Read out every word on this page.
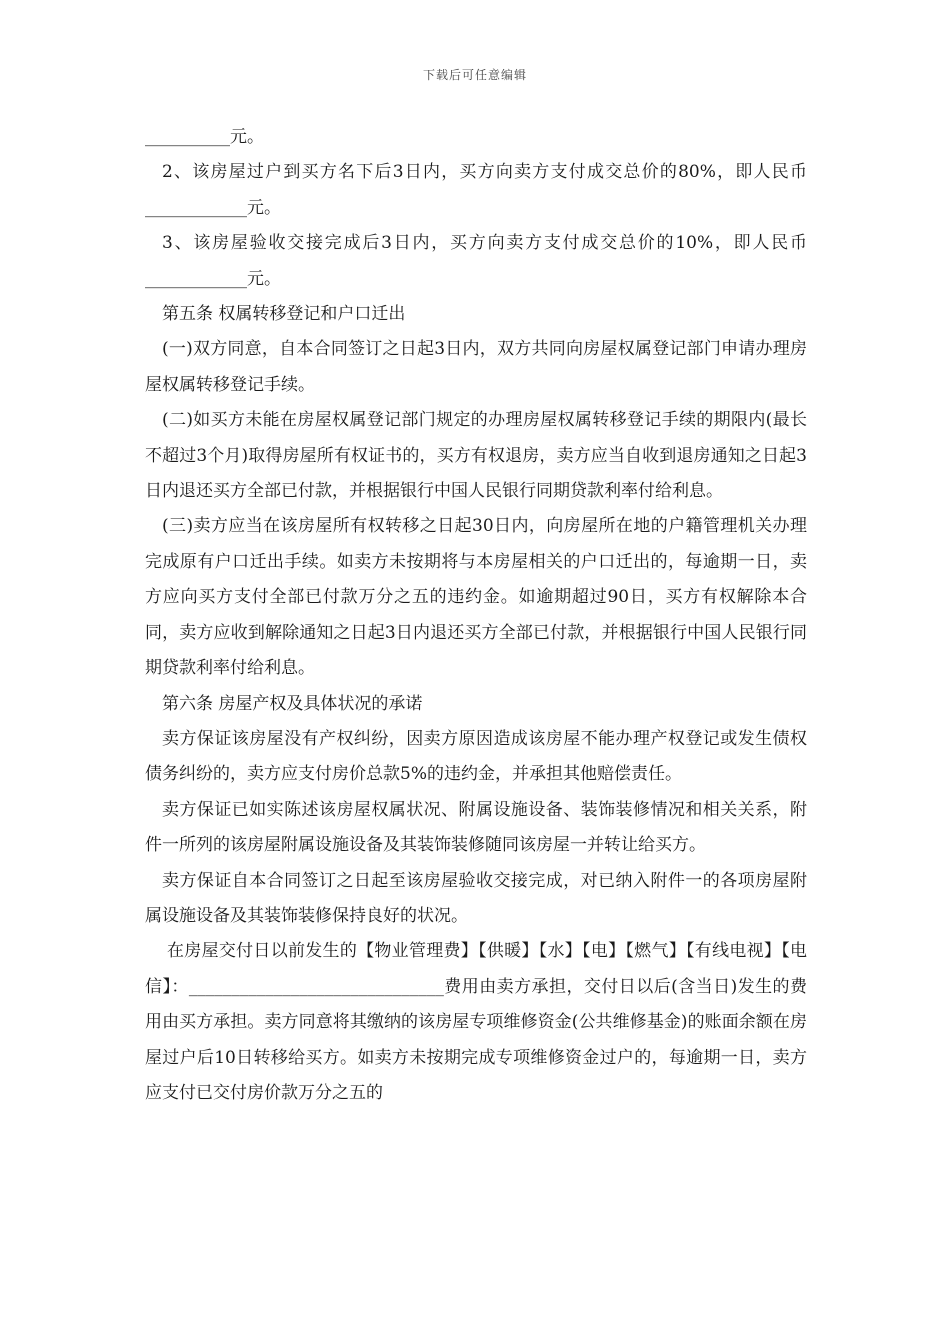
下载后可任意编辑

__________元。

2、该房屋过户到买方名下后3日内，买方向卖方支付成交总价的80%，即人民币____________元。

3、该房屋验收交接完成后3日内，买方向卖方支付成交总价的10%，即人民币____________元。

第五条 权属转移登记和户口迁出

(一)双方同意，自本合同签订之日起3日内，双方共同向房屋权属登记部门申请办理房屋权属转移登记手续。

(二)如买方未能在房屋权属登记部门规定的办理房屋权属转移登记手续的期限内(最长不超过3个月)取得房屋所有权证书的，买方有权退房，卖方应当自收到退房通知之日起3日内退还买方全部已付款，并根据银行中国人民银行同期贷款利率付给利息。

(三)卖方应当在该房屋所有权转移之日起30日内，向房屋所在地的户籍管理机关办理完成原有户口迁出手续。如卖方未按期将与本房屋相关的户口迁出的，每逾期一日，卖方应向买方支付全部已付款万分之五的违约金。如逾期超过90日，买方有权解除本合同，卖方应收到解除通知之日起3日内退还买方全部已付款，并根据银行中国人民银行同期贷款利率付给利息。

第六条 房屋产权及具体状况的承诺

卖方保证该房屋没有产权纠纷，因卖方原因造成该房屋不能办理产权登记或发生债权债务纠纷的，卖方应支付房价总款5%的违约金，并承担其他赔偿责任。

卖方保证已如实陈述该房屋权属状况、附属设施设备、装饰装修情况和相关关系，附件一所列的该房屋附属设施设备及其装饰装修随同该房屋一并转让给买方。

卖方保证自本合同签订之日起至该房屋验收交接完成，对已纳入附件一的各项房屋附属设施设备及其装饰装修保持良好的状况。

在房屋交付日以前发生的【物业管理费】【供暖】【水】【电】【燃气】【有线电视】【电 信】：______________________________费用由卖方承担，交付日以后(含当日)发生的费用由买方承担。卖方同意将其缴纳的该房屋专项维修资金(公共维修基金)的账面余额在房屋过户后10日转移给买方。如卖方未按期完成专项维修资金过户的，每逾期一日，卖方应支付已交付房价款万分之五的
